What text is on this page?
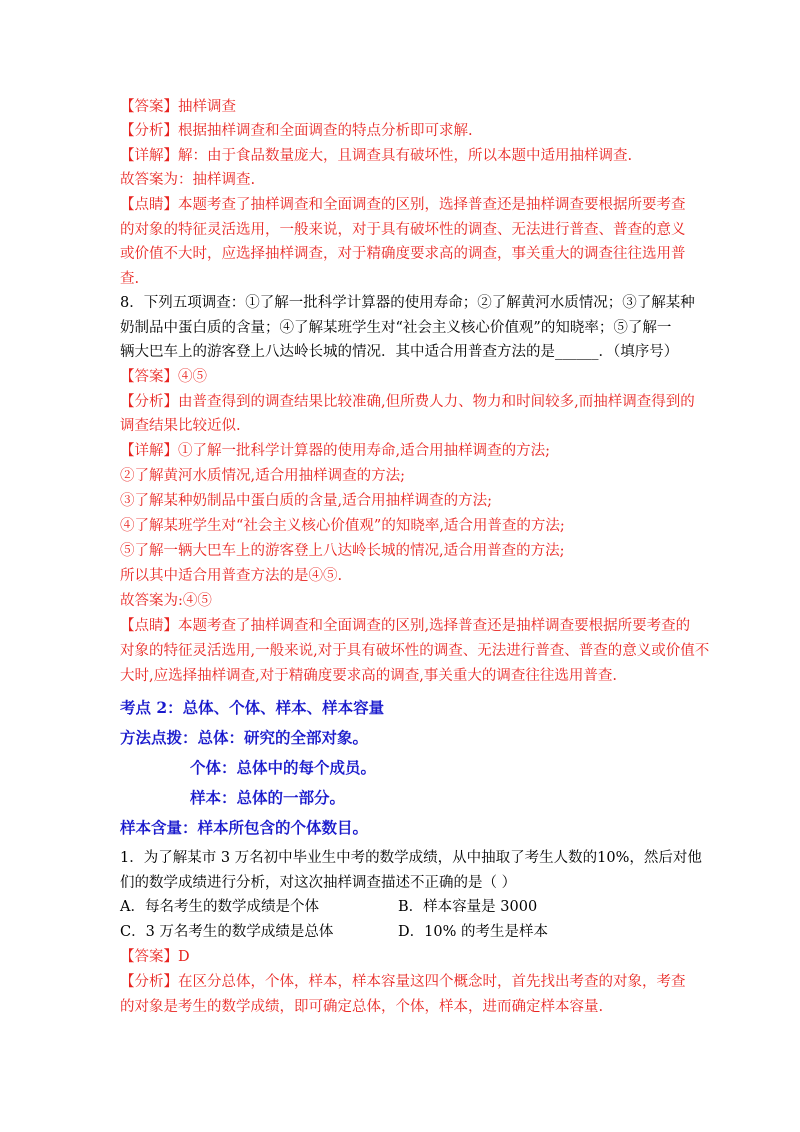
【答案】抽样调查
【分析】根据抽样调查和全面调查的特点分析即可求解.
【详解】解：由于食品数量庞大，且调查具有破坏性，所以本题中适用抽样调查.
故答案为：抽样调查.
【点睛】本题考查了抽样调查和全面调查的区别，选择普查还是抽样调查要根据所要考查
的对象的特征灵活选用，一般来说，对于具有破坏性的调查、无法进行普查、普查的意义
或价值不大时，应选择抽样调查，对于精确度要求高的调查，事关重大的调查往往选用普
查.
8．下列五项调查：①了解一批科学计算器的使用寿命；②了解黄河水质情况；③了解某种
奶制品中蛋白质的含量；④了解某班学生对“社会主义核心价值观”的知晓率；⑤了解一
辆大巴车上的游客登上八达岭长城的情况．其中适合用普查方法的是______．（填序号）
【答案】④⑤
【分析】由普查得到的调查结果比较准确,但所费人力、物力和时间较多,而抽样调查得到的
调查结果比较近似.
【详解】①了解一批科学计算器的使用寿命,适合用抽样调查的方法;
②了解黄河水质情况,适合用抽样调查的方法;
③了解某种奶制品中蛋白质的含量,适合用抽样调查的方法;
④了解某班学生对“社会主义核心价值观”的知晓率,适合用普查的方法;
⑤了解一辆大巴车上的游客登上八达岭长城的情况,适合用普查的方法;
所以其中适合用普查方法的是④⑤.
故答案为:④⑤
【点睛】本题考查了抽样调查和全面调查的区别,选择普查还是抽样调查要根据所要考查的
对象的特征灵活选用,一般来说,对于具有破坏性的调查、无法进行普查、普查的意义或价值不
大时,应选择抽样调查,对于精确度要求高的调查,事关重大的调查往往选用普查.
考点 2：总体、个体、样本、样本容量
方法点拨：总体：研究的全部对象。
个体：总体中的每个成员。
样本：总体的一部分。
样本含量：样本所包含的个体数目。
1．为了解某市 3 万名初中毕业生中考的数学成绩，从中抽取了考生人数的10%，然后对他
们的数学成绩进行分析，对这次抽样调查描述不正确的是（ ）
A．每名考生的数学成绩是个体	B．样本容量是 3000
C．3 万名考生的数学成绩是总体	D．10% 的考生是样本
【答案】D
【分析】在区分总体，个体，样本，样本容量这四个概念时，首先找出考查的对象，考查
的对象是考生的数学成绩，即可确定总体，个体，样本，进而确定样本容量.
